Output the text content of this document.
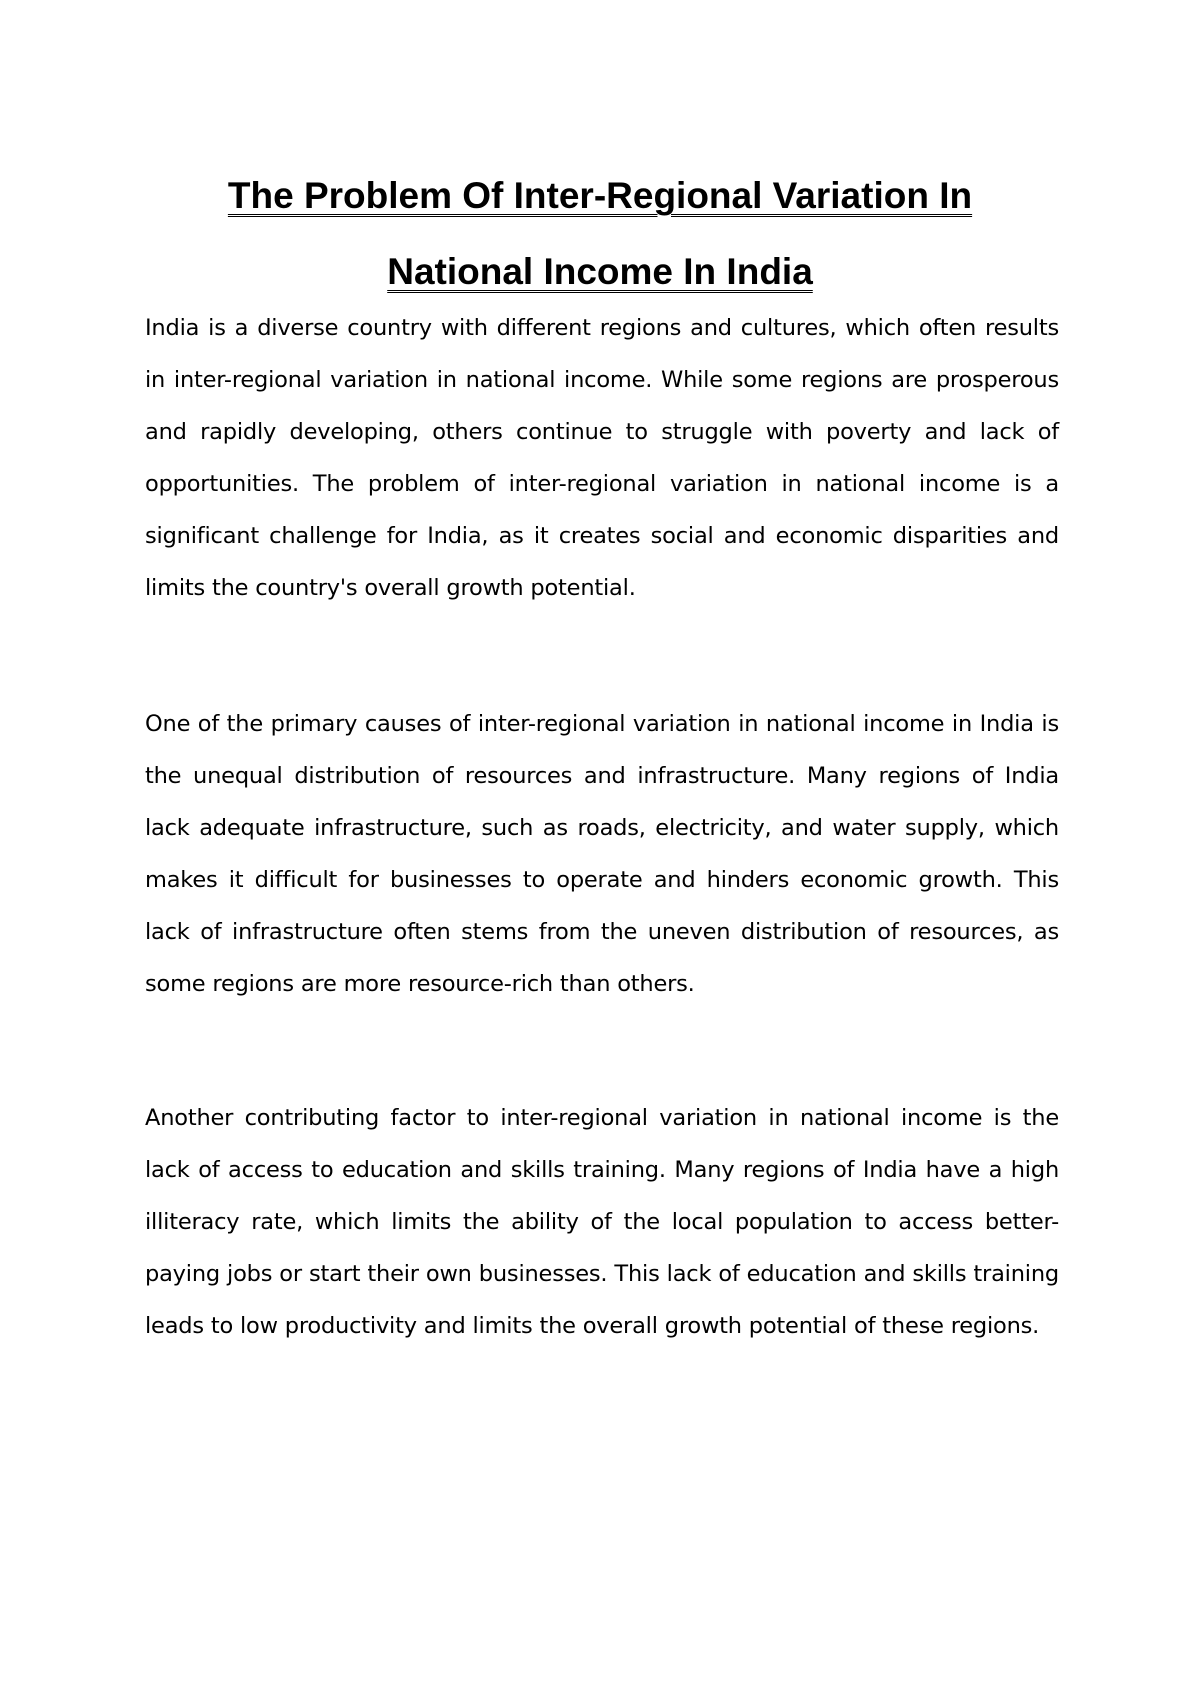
The Problem Of Inter-Regional Variation In
National Income In India

India is a diverse country with different regions and cultures, which often results in inter-regional variation in national income. While some regions are prosperous and rapidly developing, others continue to struggle with poverty and lack of opportunities. The problem of inter-regional variation in national income is a significant challenge for India, as it creates social and economic disparities and limits the country's overall growth potential.

One of the primary causes of inter-regional variation in national income in India is the unequal distribution of resources and infrastructure. Many regions of India lack adequate infrastructure, such as roads, electricity, and water supply, which makes it difficult for businesses to operate and hinders economic growth. This lack of infrastructure often stems from the uneven distribution of resources, as some regions are more resource-rich than others.

Another contributing factor to inter-regional variation in national income is the lack of access to education and skills training. Many regions of India have a high illiteracy rate, which limits the ability of the local population to access better-paying jobs or start their own businesses. This lack of education and skills training leads to low productivity and limits the overall growth potential of these regions.
